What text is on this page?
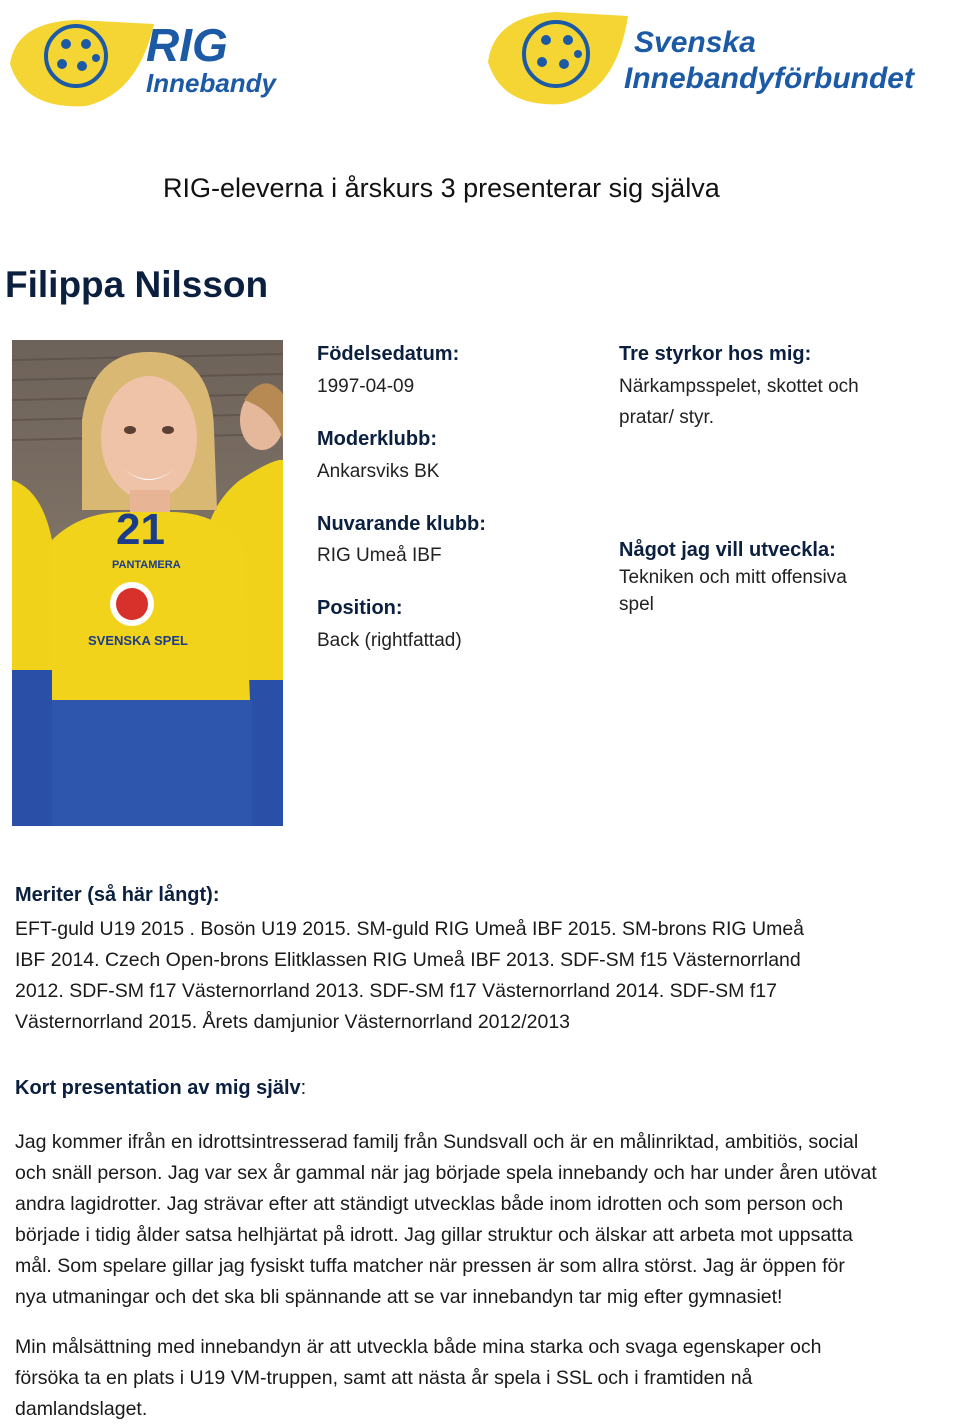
RIG
Innebandy
Svenska
Innebandyförbundet
RIG-eleverna i årskurs 3 presenterar sig själva
Filippa Nilsson
21
PANTAMERA
SVENSKA SPEL
Födelsedatum:
1997-04-09
Moderklubb:
Ankarsviks BK
Nuvarande klubb:
RIG Umeå IBF
Position:
Back (rightfattad)
Tre styrkor hos mig:
Närkampsspelet, skottet och
pratar/ styr.
Något jag vill utveckla:
Tekniken och mitt offensiva
spel
Meriter (så här långt):
EFT-guld U19 2015 . Bosön U19 2015. SM-guld RIG Umeå IBF 2015. SM-brons RIG Umeå
IBF 2014. Czech Open-brons Elitklassen RIG Umeå IBF 2013. SDF-SM f15 Västernorrland
2012. SDF-SM f17 Västernorrland 2013. SDF-SM f17 Västernorrland 2014. SDF-SM f17
Västernorrland 2015. Årets damjunior Västernorrland 2012/2013
Kort presentation av mig själv:
Jag kommer ifrån en idrottsintresserad familj från Sundsvall och är en målinriktad, ambitiös, social
och snäll person. Jag var sex år gammal när jag började spela innebandy och har under åren utövat
andra lagidrotter. Jag strävar efter att ständigt utvecklas både inom idrotten och som person och
började i tidig ålder satsa helhjärtat på idrott. Jag gillar struktur och älskar att arbeta mot uppsatta
mål. Som spelare gillar jag fysiskt tuffa matcher när pressen är som allra störst. Jag är öppen för
nya utmaningar och det ska bli spännande att se var innebandyn tar mig efter gymnasiet!
Min målsättning med innebandyn är att utveckla både mina starka och svaga egenskaper och
försöka ta en plats i U19 VM-truppen, samt att nästa år spela i SSL och i framtiden nå
damlandslaget.
